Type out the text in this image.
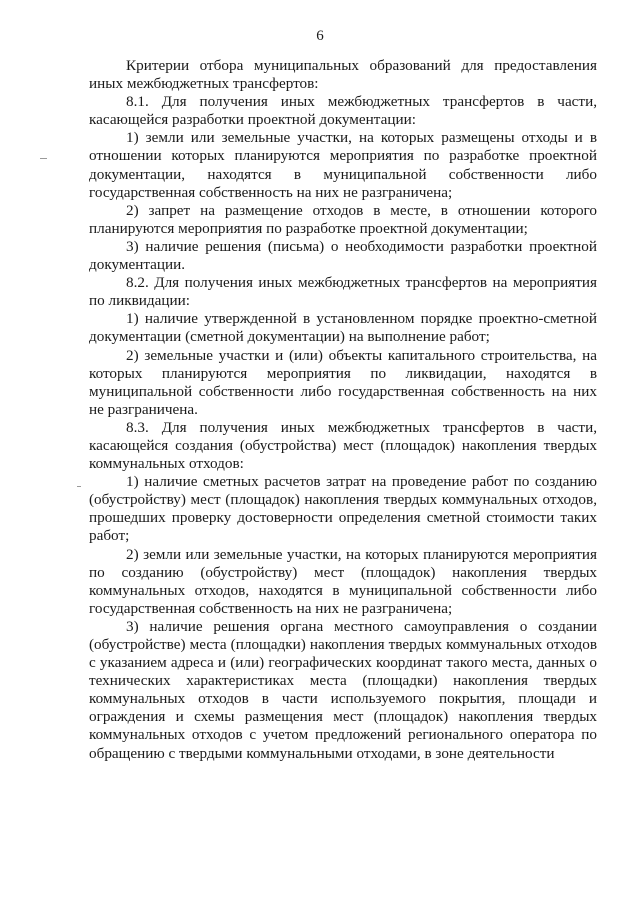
6

Критерии отбора муниципальных образований для предоставления иных межбюджетных трансфертов:

8.1. Для получения иных межбюджетных трансфертов в части, касающейся разработки проектной документации:

1) земли или земельные участки, на которых размещены отходы и в отношении которых планируются мероприятия по разработке проектной документации, находятся в муниципальной собственности либо государственная собственность на них не разграничена;

2) запрет на размещение отходов в месте, в отношении которого планируются мероприятия по разработке проектной документации;

3) наличие решения (письма) о необходимости разработки проектной документации.

8.2. Для получения иных межбюджетных трансфертов на мероприятия по ликвидации:

1) наличие утвержденной в установленном порядке проектно-сметной документации (сметной документации) на выполнение работ;

2) земельные участки и (или) объекты капитального строительства, на которых планируются мероприятия по ликвидации, находятся в муниципальной собственности либо государственная собственность на них не разграничена.

8.3. Для получения иных межбюджетных трансфертов в части, касающейся создания (обустройства) мест (площадок) накопления твердых коммунальных отходов:

1) наличие сметных расчетов затрат на проведение работ по созданию (обустройству) мест (площадок) накопления твердых коммунальных отходов, прошедших проверку достоверности определения сметной стоимости таких работ;

2) земли или земельные участки, на которых планируются мероприятия по созданию (обустройству) мест (площадок) накопления твердых коммунальных отходов, находятся в муниципальной собственности либо государственная собственность на них не разграничена;

3) наличие решения органа местного самоуправления о создании (обустройстве) места (площадки) накопления твердых коммунальных отходов с указанием адреса и (или) географических координат такого места, данных о технических характеристиках места (площадки) накопления твердых коммунальных отходов в части используемого покрытия, площади и ограждения и схемы размещения мест (площадок) накопления твердых коммунальных отходов с учетом предложений регионального оператора по обращению с твердыми коммунальными отходами, в зоне деятельности
